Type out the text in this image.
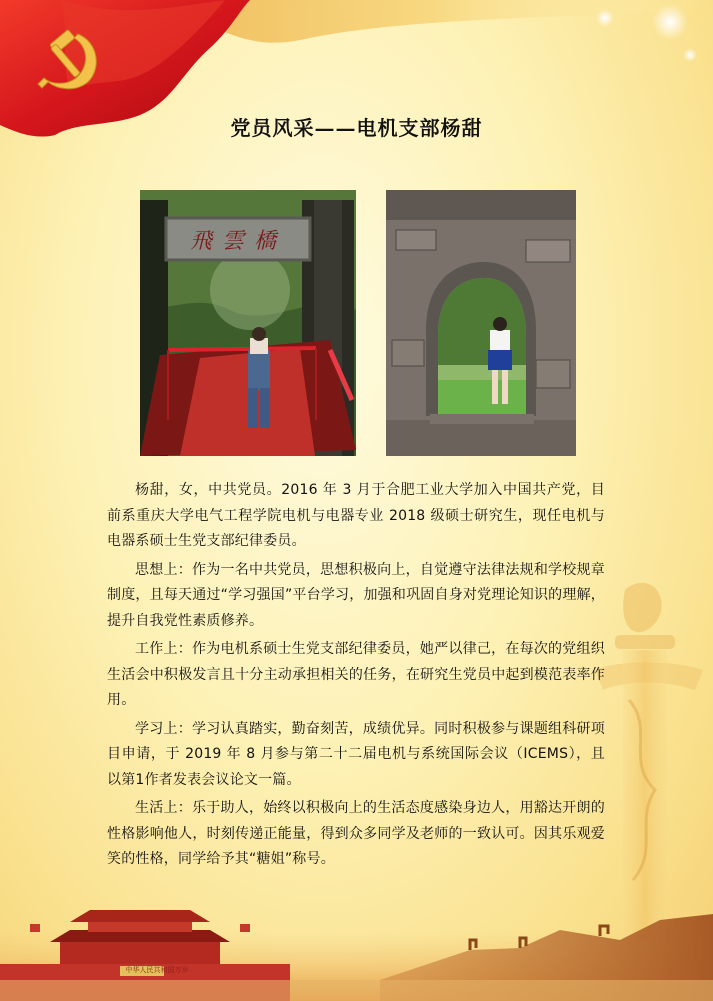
党员风采——电机支部杨甜
飛雲橋
中华人民共和国万岁

杨甜，女，中共党员。2016 年 3 月于合肥工业大学加入中国共产党，目前系重庆大学电气工程学院电机与电器专业 2018 级硕士研究生，现任电机与电器系硕士生党支部纪律委员。

思想上：作为一名中共党员，思想积极向上，自觉遵守法律法规和学校规章制度，且每天通过“学习强国”平台学习，加强和巩固自身对党理论知识的理解，提升自我党性素质修养。

工作上：作为电机系硕士生党支部纪律委员，她严以律己，在每次的党组织生活会中积极发言且十分主动承担相关的任务，在研究生党员中起到模范表率作用。

学习上：学习认真踏实，勤奋刻苦，成绩优异。同时积极参与课题组科研项目申请，于 2019 年 8 月参与第二十二届电机与系统国际会议（ICEMS），且以第1作者发表会议论文一篇。

生活上：乐于助人，始终以积极向上的生活态度感染身边人，用豁达开朗的性格影响他人，时刻传递正能量，得到众多同学及老师的一致认可。因其乐观爱笑的性格，同学给予其“糖姐”称号。
